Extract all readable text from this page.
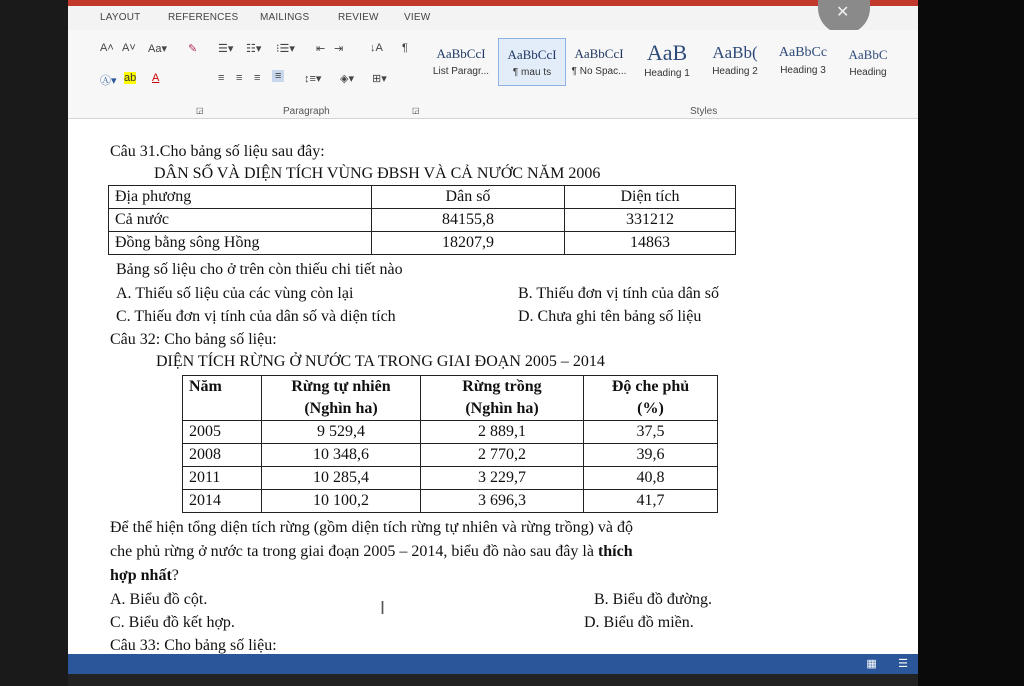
LAYOUT	REFERENCES MAILINGS	REVIEW	VIEW	✕
A˄ A˅ Aa▾ ✎ ☰▾ ☷▾ ⁝☰▾ ⇤ ⇥ ↓A ¶
Ⓐ▾ ab A	≡ ≡ ≡ ≡ ↕≡▾ ◈▾ ⊞▾
Paragraph
◲	◲
AaBbCcI
List Paragr...
AaBbCcI
¶ mau ts
AaBbCcI
¶ No Spac...
AaB
Heading 1
AaBb(
Heading 2
AaBbCc
Heading 3
AaBbC
Heading
Styles
Câu 31.Cho bảng số liệu sau đây:
DÂN SỐ VÀ DIỆN TÍCH VÙNG ĐBSH VÀ CẢ NƯỚC NĂM 2006
Địa phương	Dân số	Diện tích
Cả nước	84155,8	331212
Đồng bằng sông Hồng	18207,9	14863
Bảng số liệu cho ở trên còn thiếu chi tiết nào
A. Thiếu số liệu của các vùng còn lại	B. Thiếu đơn vị tính của dân số
C. Thiếu đơn vị tính của dân số và diện tích	D. Chưa ghi tên bảng số liệu
Câu 32: Cho bảng số liệu:
DIỆN TÍCH RỪNG Ở NƯỚC TA TRONG GIAI ĐOẠN 2005 – 2014
Năm	Rừng tự nhiên
(Nghìn ha)	Rừng trồng
(Nghìn ha)	Độ che phủ
(%)
2005	9 529,4	2 889,1	37,5
2008	10 348,6	2 770,2	39,6
2011	10 285,4	3 229,7	40,8
2014	10 100,2	3 696,3	41,7
Để thể hiện tổng diện tích rừng (gồm diện tích rừng tự nhiên và rừng trồng) và độ
che phủ rừng ở nước ta trong giai đoạn 2005 – 2014, biểu đồ nào sau đây là thích
hợp nhất?
A. Biểu đồ cột.	B. Biểu đồ đường.
C. Biểu đồ kết hợp.	D. Biểu đồ miền.
Câu 33: Cho bảng số liệu:
I
▦       ☰
